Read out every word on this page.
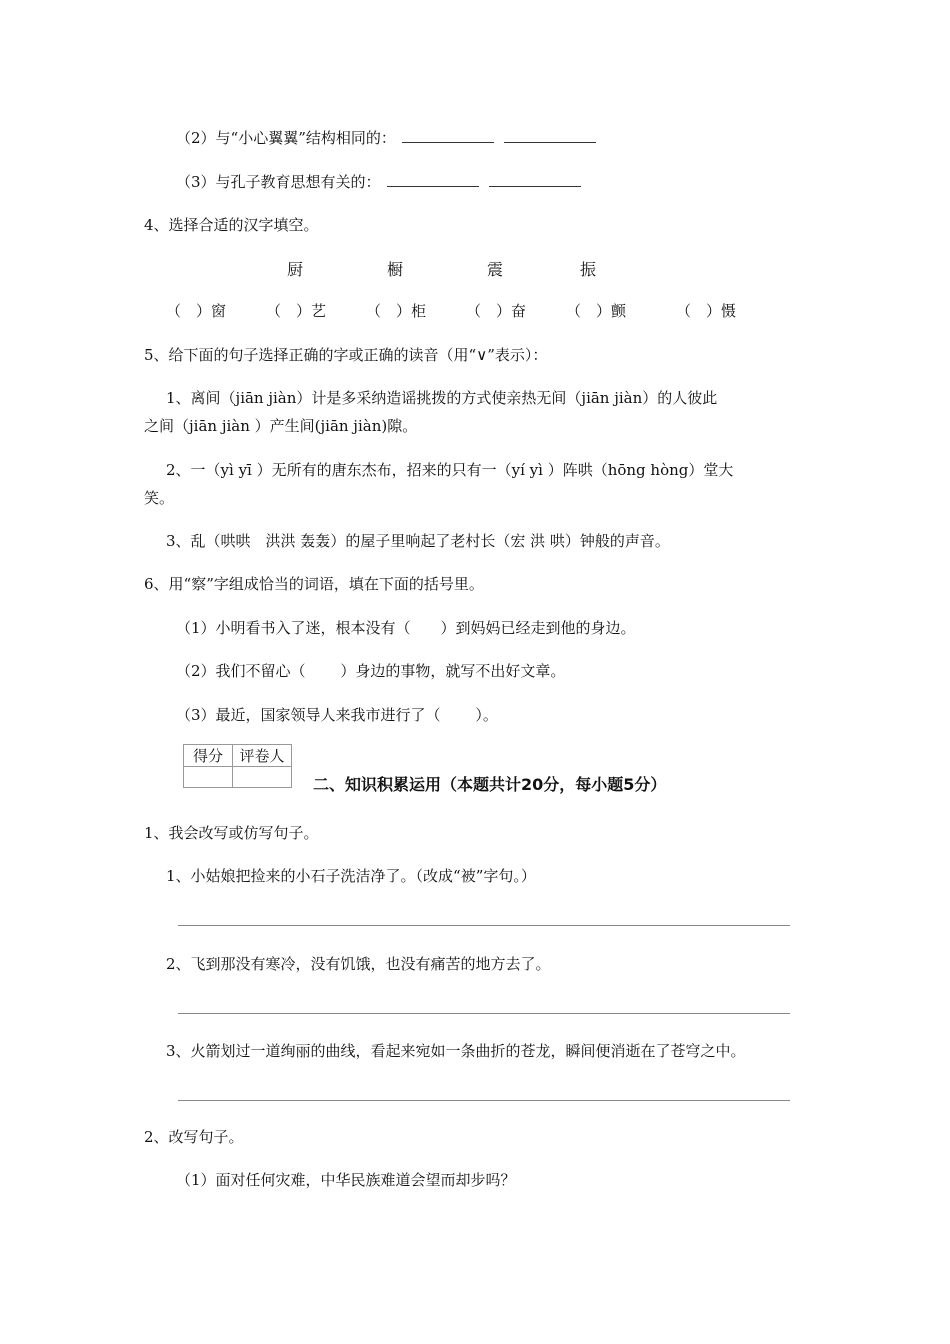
（2）与“小心翼翼”结构相同的：
（3）与孔子教育思想有关的：
4、选择合适的汉字填空。
厨	橱	震	振
（　）窗	（　）艺	（　）柜	（　）奋	（　）颤	（　）慑
5、给下面的句子选择正确的字或正确的读音（用“∨”表示）：
1、离间（jiān jiàn）计是多采纳造谣挑拨的方式使亲热无间（jiān jiàn）的人彼此
之间（jiān jiàn ）产生间(jiān jiàn)隙。
2、一（yì yī ）无所有的唐东杰布，招来的只有一（yí yì ）阵哄（hōng hòng）堂大
笑。
3、乱（哄哄　洪洪 轰轰）的屋子里响起了老村长（宏 洪 哄）钟般的声音。
6、用“察”字组成恰当的词语，填在下面的括号里。
（1）小明看书入了迷，根本没有（　　）到妈妈已经走到他的身边。
（2）我们不留心（　　 ）身边的事物，就写不出好文章。
（3）最近，国家领导人来我市进行了（　　 ）。
得分	评卷人

二、知识积累运用（本题共计20分，每小题5分）
1、我会改写或仿写句子。
1、小姑娘把捡来的小石子洗洁净了。（改成“被”字句。）
2、飞到那没有寒冷，没有饥饿，也没有痛苦的地方去了。
3、火箭划过一道绚丽的曲线，看起来宛如一条曲折的苍龙，瞬间便消逝在了苍穹之中。
2、改写句子。
（1）面对任何灾难，中华民族难道会望而却步吗？
